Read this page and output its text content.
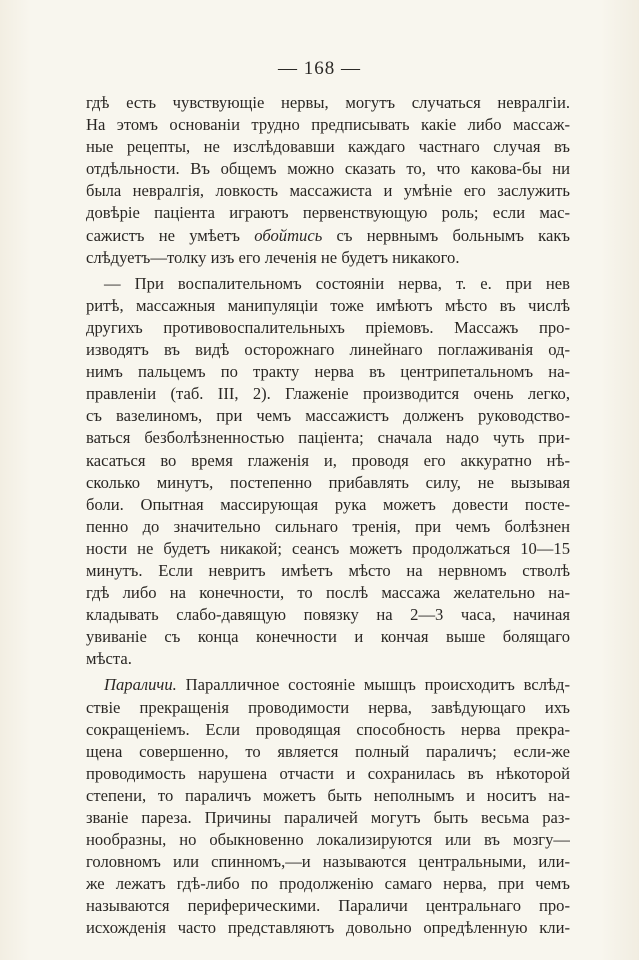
— 168 —
гдѣ есть чувствующіе нервы, могутъ случаться невралгіи.
На этомъ основаніи трудно предписывать какіе либо массаж-
ные рецепты, не изслѣдовавши каждаго частнаго случая въ
отдѣльности. Въ общемъ можно сказать то, что какова-бы ни
была невралгія, ловкость массажиста и умѣніе его заслужить
довѣріе пацiента играютъ первенствующую роль; если мас-
сажистъ не умѣетъ обойтись съ нервнымъ больнымъ какъ
слѣдуетъ—толку изъ его леченія не будетъ никакого.
— При воспалительномъ состояніи нерва, т. е. при нев
ритѣ, массажныя манипуляціи тоже имѣютъ мѣсто въ числѣ
другихъ противовоспалительныхъ пріемовъ. Массажъ про-
изводятъ въ видѣ осторожнаго линейнаго поглаживанія од-
нимъ пальцемъ по тракту нерва въ центрипетальномъ на-
правленіи (таб. III, 2). Глаженіе производится очень легко,
съ вазелиномъ, при чемъ массажистъ долженъ руководство-
ваться безболѣзненностью пацiента; сначала надо чуть при-
касаться во время глаженія и, проводя его аккуратно нѣ-
сколько минутъ, постепенно прибавлять силу, не вызывая
боли. Опытная массирующая рука можетъ довести посте-
пенно до значительно сильнаго тренія, при чемъ болѣзнен
ности не будетъ никакой; сеансъ можетъ продолжаться 10—15
минутъ. Если невритъ имѣетъ мѣсто на нервномъ стволѣ
гдѣ либо на конечности, то послѣ массажа желательно на-
кладывать слабо-давящую повязку на 2—3 часа, начиная
увиваніе съ конца конечности и кончая выше болящаго
мѣста.
Параличи. Паралличное состояніе мышцъ происходитъ вслѣд-
ствіе прекращенія проводимости нерва, завѣдующаго ихъ
сокращеніемъ. Если проводящая способность нерва прекра-
щена совершенно, то является полный параличъ; если-же
проводимость нарушена отчасти и сохранилась въ нѣкоторой
степени, то параличъ можетъ быть неполнымъ и носитъ на-
званіе пареза. Причины параличей могутъ быть весьма раз-
нообразны, но обыкновенно локализируются или въ мозгу—
головномъ или спинномъ,—и называются центральными, или-
же лежатъ гдѣ-либо по продолженію самаго нерва, при чемъ
называются периферическими. Параличи центральнаго про-
исхожденія часто представляютъ довольно опредѣленную кли-
